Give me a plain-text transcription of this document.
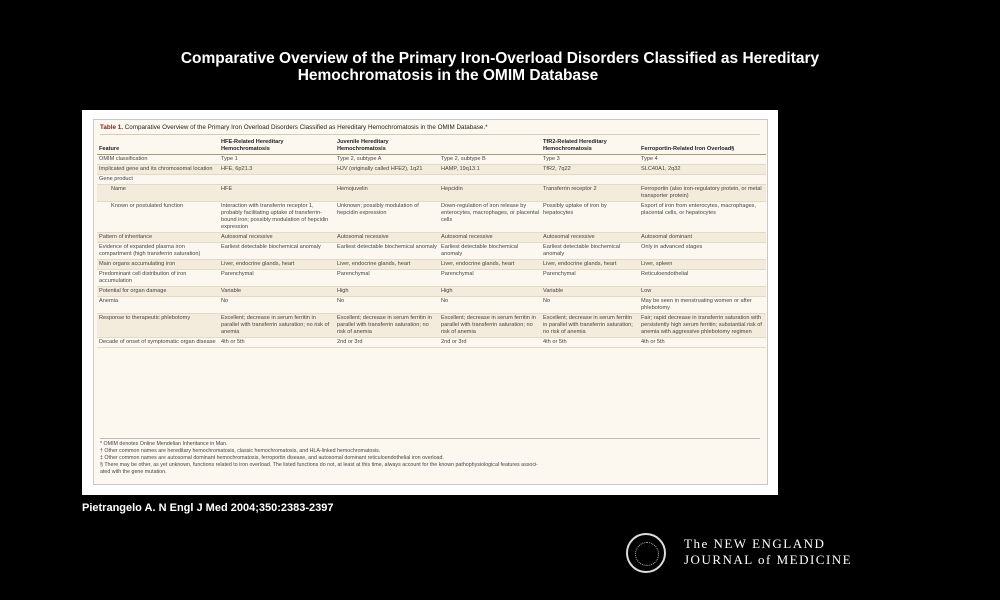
Comparative Overview of the Primary Iron-Overload Disorders Classified as Hereditary
Hemochromatosis in the OMIM Database
Table 1. Comparative Overview of the Primary Iron Overload Disorders Classified as Hereditary Hemochromatosis in the OMIM Database.*
Feature	HFE-Related Hereditary Hemochromatosis	Juvenile Hereditary Hemochromatosis		TfR2-Related Hereditary Hemochromatosis	Ferroportin-Related Iron Overload§
OMIM classification	Type 1	Type 2, subtype A	Type 2, subtype B	Type 3	Type 4
Implicated gene and its chromosomal location	HFE, 6p21.3	HJV (originally called HFE2), 1q21	HAMP, 19q13.1	TfR2, 7q22	SLC40A1, 2q32
Gene product					
Name	HFE	Hemojuvelin	Hepcidin	Transferrin receptor 2	Ferroportin (also iron-regulatory protein, or metal transporter protein)
Known or postulated function	Interaction with transferrin receptor 1, probably facilitating uptake of transferrin-bound iron; possibly modulation of hepcidin expression	Unknown; possibly modulation of hepcidin expression	Down-regulation of iron release by enterocytes, macrophages, or placental cells	Possibly uptake of iron by hepatocytes	Export of iron from enterocytes, macrophages, placental cells, or hepatocytes
Pattern of inheritance	Autosomal recessive	Autosomal recessive	Autosomal recessive	Autosomal recessive	Autosomal dominant
Evidence of expanded plasma iron compartment (high transferrin saturation)	Earliest detectable biochemical anomaly	Earliest detectable biochemical anomaly	Earliest detectable biochemical anomaly	Earliest detectable biochemical anomaly	Only in advanced stages
Main organs accumulating iron	Liver, endocrine glands, heart	Liver, endocrine glands, heart	Liver, endocrine glands, heart	Liver, endocrine glands, heart	Liver, spleen
Predominant cell distribution of iron accumulation	Parenchymal	Parenchymal	Parenchymal	Parenchymal	Reticuloendothelial
Potential for organ damage	Variable	High	High	Variable	Low
Anemia	No	No	No	No	May be seen in menstruating women or after phlebotomy
Response to therapeutic phlebotomy	Excellent; decrease in serum ferritin in parallel with transferrin saturation; no risk of anemia	Excellent; decrease in serum ferritin in parallel with transferrin saturation; no risk of anemia	Excellent; decrease in serum ferritin in parallel with transferrin saturation; no risk of anemia	Excellent; decrease in serum ferritin in parallel with transferrin saturation; no risk of anemia	Fair; rapid decrease in transferrin saturation with persistently high serum ferritin; substantial risk of anemia with aggressive phlebotomy regimen
Decade of onset of symptomatic organ disease	4th or 5th	2nd or 3rd	2nd or 3rd	4th or 5th	4th or 5th
* OMIM denotes Online Mendelian Inheritance in Man.
† Other common names are hereditary hemochromatosis, classic hemochromatosis, and HLA-linked hemochromatosis.
‡ Other common names are autosomal dominant hemochromatosis, ferroportin disease, and autosomal dominant reticuloendothelial iron overload.
§ There may be other, as yet unknown, functions related to iron overload. The listed functions do not, at least at this time, always account for the known pathophysiological features associ-
ated with the gene mutation.
Pietrangelo A. N Engl J Med 2004;350:2383-2397
The NEW ENGLAND
JOURNAL of MEDICINE
